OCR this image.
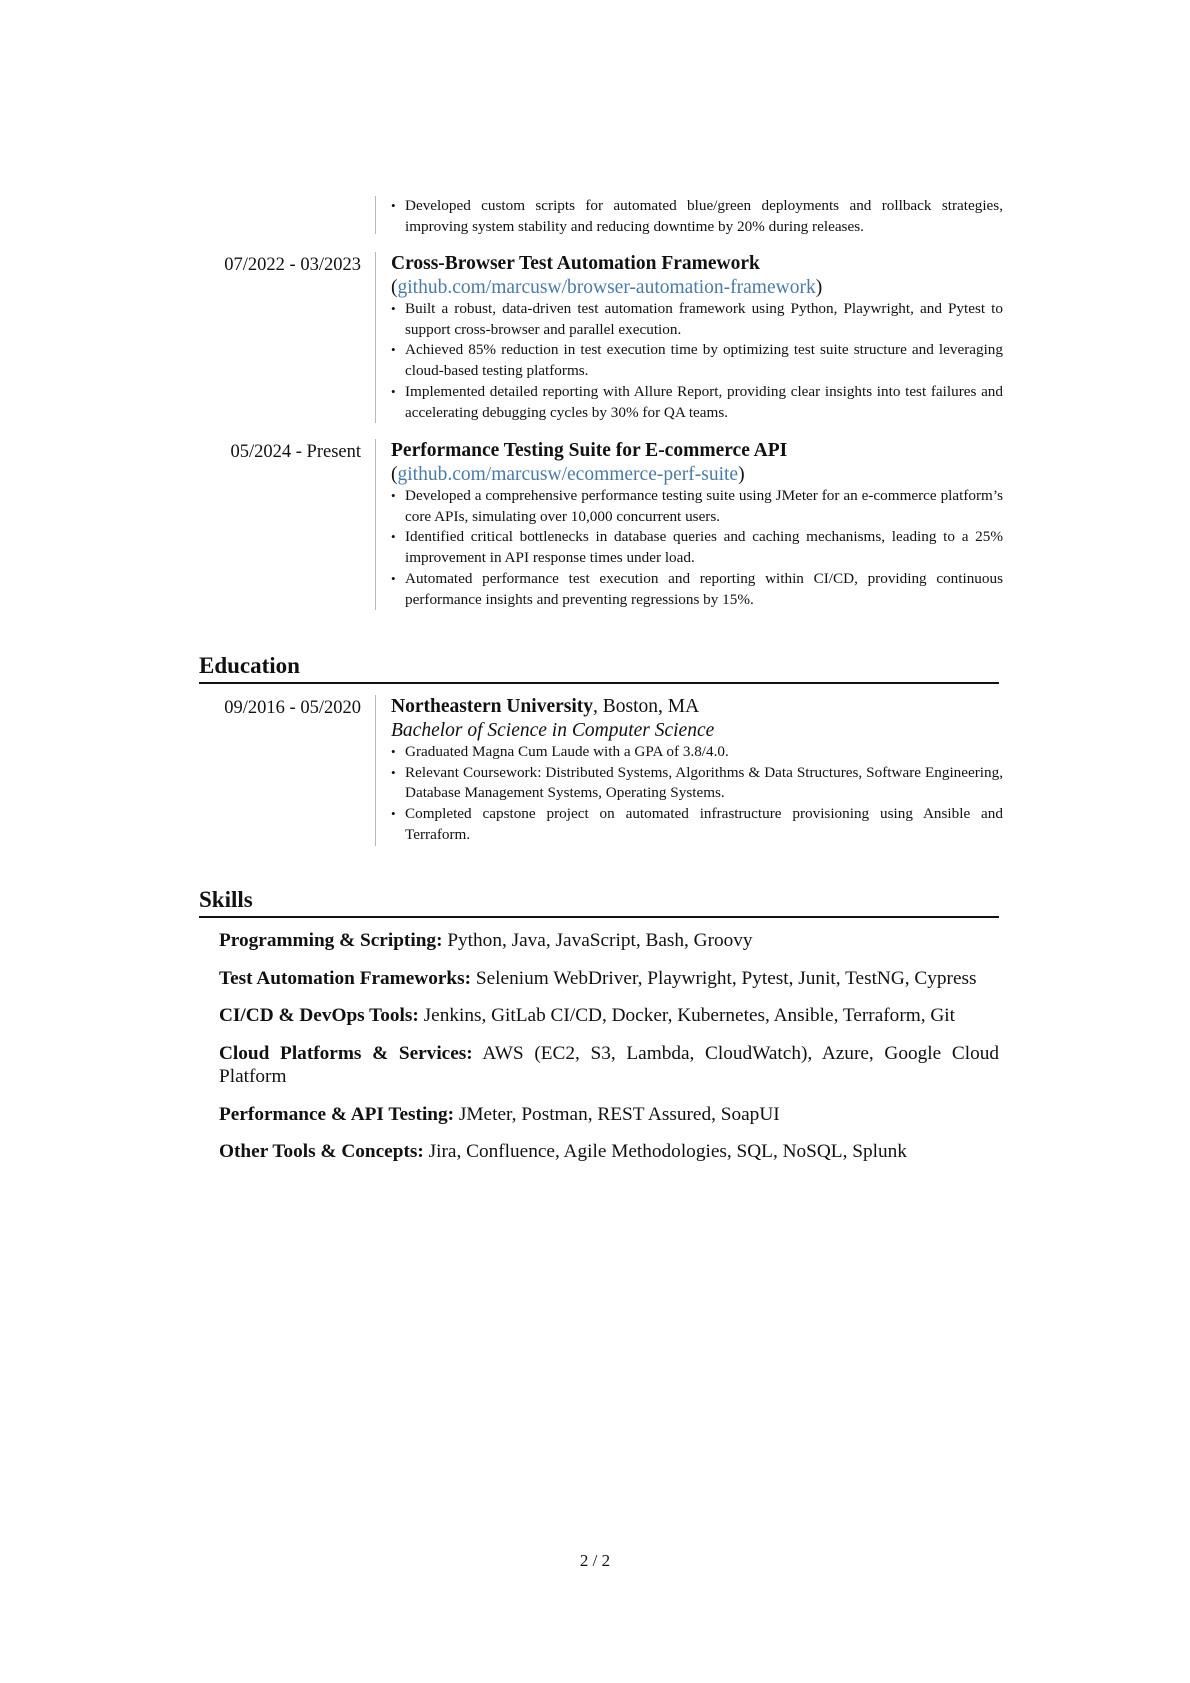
• Developed custom scripts for automated blue/green deployments and rollback strategies, improving system stability and reducing downtime by 20% during releases.
07/2022 - 03/2023	Cross-Browser Test Automation Framework (github.com/marcusw/browser-automation-framework)
• Built a robust, data-driven test automation framework using Python, Playwright, and Pytest to support cross-browser and parallel execution.
• Achieved 85% reduction in test execution time by optimizing test suite structure and leveraging cloud-based testing platforms.
• Implemented detailed reporting with Allure Report, providing clear insights into test failures and accelerating debugging cycles by 30% for QA teams.
05/2024 - Present	Performance Testing Suite for E-commerce API (github.com/marcusw/ecommerce-perf-suite)
• Developed a comprehensive performance testing suite using JMeter for an e-commerce platform’s core APIs, simulating over 10,000 concurrent users.
• Identified critical bottlenecks in database queries and caching mechanisms, leading to a 25% improvement in API response times under load.
• Automated performance test execution and reporting within CI/CD, providing continuous performance insights and preventing regressions by 15%.
Education
09/2016 - 05/2020	Northeastern University, Boston, MA
Bachelor of Science in Computer Science
• Graduated Magna Cum Laude with a GPA of 3.8/4.0.
• Relevant Coursework: Distributed Systems, Algorithms & Data Structures, Software Engineering, Database Management Systems, Operating Systems.
• Completed capstone project on automated infrastructure provisioning using Ansible and Terraform.
Skills
Programming & Scripting: Python, Java, JavaScript, Bash, Groovy
Test Automation Frameworks: Selenium WebDriver, Playwright, Pytest, Junit, TestNG, Cypress
CI/CD & DevOps Tools: Jenkins, GitLab CI/CD, Docker, Kubernetes, Ansible, Terraform, Git
Cloud Platforms & Services: AWS (EC2, S3, Lambda, CloudWatch), Azure, Google Cloud Platform
Performance & API Testing: JMeter, Postman, REST Assured, SoapUI
Other Tools & Concepts: Jira, Confluence, Agile Methodologies, SQL, NoSQL, Splunk
2 / 2
